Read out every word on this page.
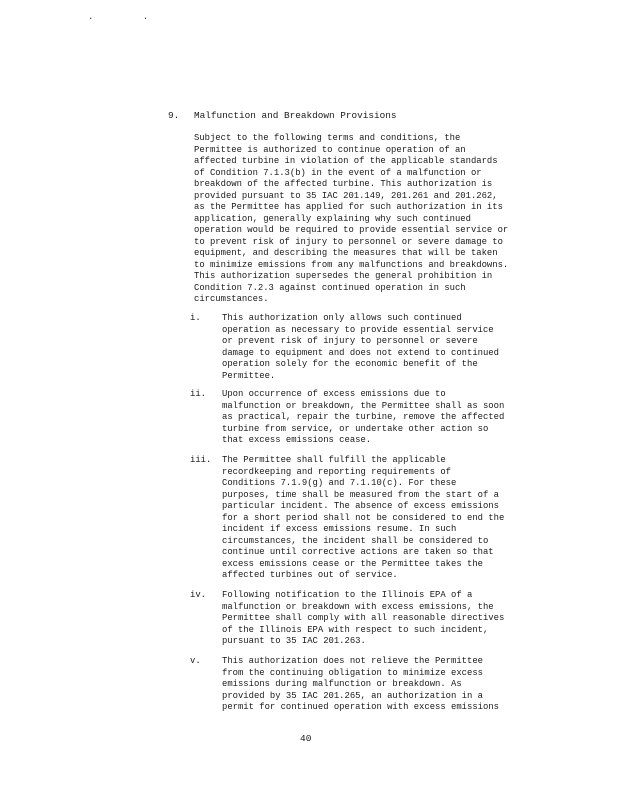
. .
9. Malfunction and Breakdown Provisions
Subject to the following terms and conditions, the
Permittee is authorized to continue operation of an
affected turbine in violation of the applicable standards
of Condition 7.1.3(b) in the event of a malfunction or
breakdown of the affected turbine. This authorization is
provided pursuant to 35 IAC 201.149, 201.261 and 201.262,
as the Permittee has applied for such authorization in its
application, generally explaining why such continued
operation would be required to provide essential service or
to prevent risk of injury to personnel or severe damage to
equipment, and describing the measures that will be taken
to minimize emissions from any malfunctions and breakdowns.
This authorization supersedes the general prohibition in
Condition 7.2.3 against continued operation in such
circumstances.
i.	This authorization only allows such continued
operation as necessary to provide essential service
or prevent risk of injury to personnel or severe
damage to equipment and does not extend to continued
operation solely for the economic benefit of the
Permittee.
ii.	Upon occurrence of excess emissions due to
malfunction or breakdown, the Permittee shall as soon
as practical, repair the turbine, remove the affected
turbine from service, or undertake other action so
that excess emissions cease.
iii.	The Permittee shall fulfill the applicable
recordkeeping and reporting requirements of
Conditions 7.1.9(g) and 7.1.10(c). For these
purposes, time shall be measured from the start of a
particular incident. The absence of excess emissions
for a short period shall not be considered to end the
incident if excess emissions resume. In such
circumstances, the incident shall be considered to
continue until corrective actions are taken so that
excess emissions cease or the Permittee takes the
affected turbines out of service.
iv.	Following notification to the Illinois EPA of a
malfunction or breakdown with excess emissions, the
Permittee shall comply with all reasonable directives
of the Illinois EPA with respect to such incident,
pursuant to 35 IAC 201.263.
v.	This authorization does not relieve the Permittee
from the continuing obligation to minimize excess
emissions during malfunction or breakdown. As
provided by 35 IAC 201.265, an authorization in a
permit for continued operation with excess emissions
40
